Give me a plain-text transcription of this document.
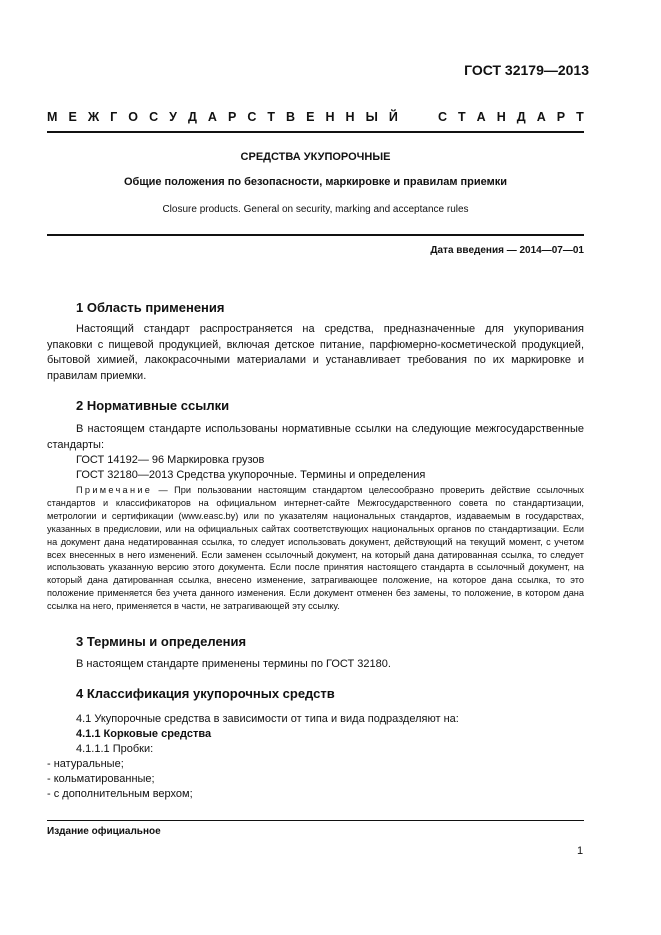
ГОСТ 32179—2013
М Е Ж Г О С У Д А Р С Т В Е Н Н Ы Й	С Т А Н Д А Р Т
СРЕДСТВА УКУПОРОЧНЫЕ
Общие положения по безопасности, маркировке и правилам приемки
Closure products. General on security, marking and acceptance rules
Дата введения — 2014—07—01
1 Область применения

Настоящий стандарт распространяется на средства, предназначенные для укупоривания упаковки с пищевой продукцией, включая детское питание, парфюмерно-косметической продукцией, бытовой химией, лакокрасочными материалами и устанавливает требования по их маркировке и правилам приемки.

2 Нормативные ссылки

В настоящем стандарте использованы нормативные ссылки на следующие межгосударственные стандарты:

ГОСТ 14192— 96 Маркировка грузов
ГОСТ 32180—2013 Средства укупорочные. Термины и определения

Примечание — При пользовании настоящим стандартом целесообразно проверить действие ссылочных стандартов и классификаторов на официальном интернет-сайте Межгосударственного совета по стандартизации, метрологии и сертификации (www.easc.by) или по указателям национальных стандартов, издаваемым в государствах, указанных в предисловии, или на официальных сайтах соответствующих национальных органов по стандартизации. Если на документ дана недатированная ссылка, то следует использовать документ, действующий на текущий момент, с учетом всех внесенных в него изменений. Если заменен ссылочный документ, на который дана датированная ссылка, то следует использовать указанную версию этого документа. Если после принятия настоящего стандарта в ссылочный документ, на который дана датированная ссылка, внесено изменение, затрагивающее положение, на которое дана ссылка, то это положение применяется без учета данного изменения. Если документ отменен без замены, то положение, в котором дана ссылка на него, применяется в части, не затрагивающей эту ссылку.

3 Термины и определения
В настоящем стандарте применены термины по ГОСТ 32180.
4 Классификация укупорочных средств
4.1 Укупорочные средства в зависимости от типа и вида подразделяют на:
4.1.1 Корковые средства
4.1.1.1 Пробки:
- натуральные;
- кольматированные;
- с дополнительным верхом;
Издание официальное
1
